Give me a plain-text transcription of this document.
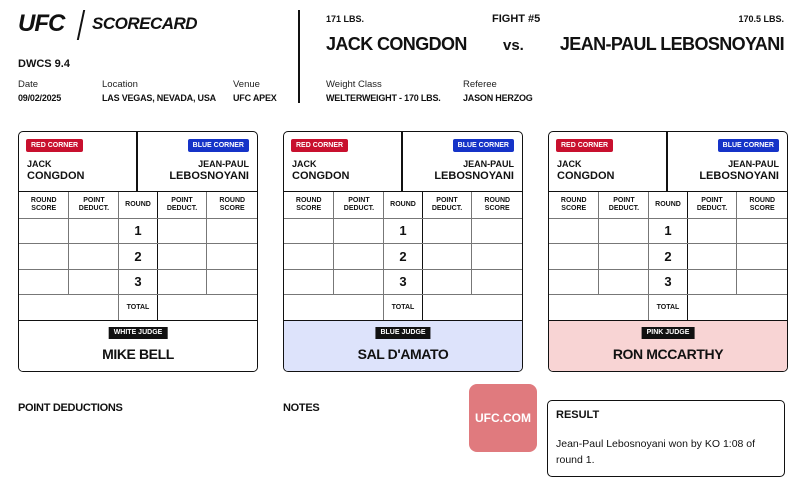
UFC SCORECARD
DWCS 9.4
Date
09/02/2025
Location
LAS VEGAS, NEVADA, USA
Venue
UFC APEX
171 LBS.	FIGHT #5	170.5 LBS.
JACK CONGDON vs. JEAN-PAUL LEBOSNOYANI
Weight Class
WELTERWEIGHT - 170 LBS.
Referee
JASON HERZOG
RED CORNER
JACK
CONGDON
BLUE CORNER
JEAN-PAUL
LEBOSNOYANI
ROUND SCORE	POINT DEDUCT.	ROUND	POINT DEDUCT.	ROUND SCORE
		1		
		2		
		3		
		TOTAL		
WHITE JUDGE
MIKE BELL
RED CORNER
JACK
CONGDON
BLUE CORNER
JEAN-PAUL
LEBOSNOYANI
ROUND SCORE	POINT DEDUCT.	ROUND	POINT DEDUCT.	ROUND SCORE
		1		
		2		
		3		
		TOTAL		
BLUE JUDGE
SAL D'AMATO
RED CORNER
JACK
CONGDON
BLUE CORNER
JEAN-PAUL
LEBOSNOYANI
ROUND SCORE	POINT DEDUCT.	ROUND	POINT DEDUCT.	ROUND SCORE
		1		
		2		
		3		
		TOTAL		
PINK JUDGE
RON MCCARTHY
POINT DEDUCTIONS	NOTES
UFC.COM	RESULT
Jean-Paul Lebosnoyani won by KO 1:08 of round 1.
